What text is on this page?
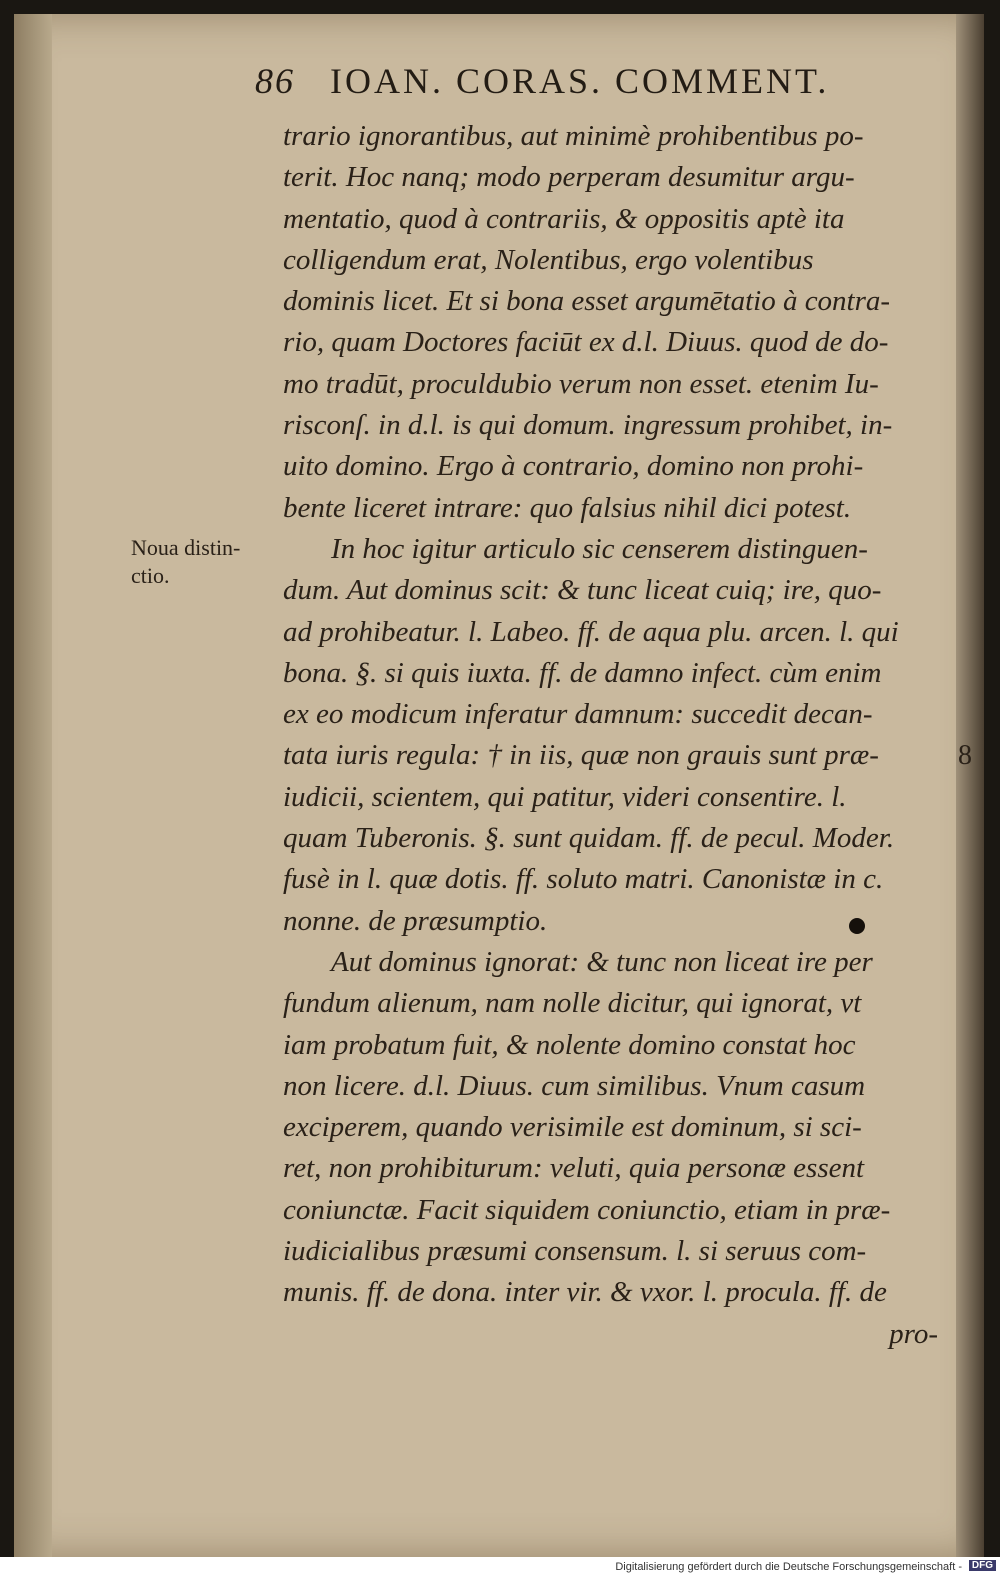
86 IOAN. CORAS. COMMENT.
Noua distin-
ctio.
8
trario ignorantibus, aut minimè prohibentibus po-
terit. Hoc nanq; modo perperam desumitur argu-
mentatio, quod à contrariis, & oppositis aptè ita
colligendum erat, Nolentibus, ergo volentibus
dominis licet. Et si bona esset argumētatio à contra-
rio, quam Doctores faciūt ex d.l. Diuus. quod de do-
mo tradūt, proculdubio verum non esset. etenim Iu-
risconſ. in d.l. is qui domum. ingressum prohibet, in-
uito domino. Ergo à contrario, domino non prohi-
bente liceret intrare: quo falsius nihil dici potest.
In hoc igitur articulo sic censerem distinguen-
dum. Aut dominus scit: & tunc liceat cuiq; ire, quo-
ad prohibeatur. l. Labeo. ff. de aqua plu. arcen. l. qui
bona. §. si quis iuxta. ff. de damno infect. cùm enim
ex eo modicum inferatur damnum: succedit decan-
tata iuris regula: † in iis, quæ non grauis sunt præ-
iudicii, scientem, qui patitur, videri consentire. l.
quam Tuberonis. §. sunt quidam. ff. de pecul. Moder.
fusè in l. quæ dotis. ff. soluto matri. Canonistæ in c.
nonne. de præsumptio.
Aut dominus ignorat: & tunc non liceat ire per
fundum alienum, nam nolle dicitur, qui ignorat, vt
iam probatum fuit, & nolente domino constat hoc
non licere. d.l. Diuus. cum similibus. Vnum casum
exciperem, quando verisimile est dominum, si sci-
ret, non prohibiturum: veluti, quia personæ essent
coniunctæ. Facit siquidem coniunctio, etiam in præ-
iudicialibus præsumi consensum. l. si seruus com-
munis. ff. de dona. inter vir. & vxor. l. procula. ff. de
pro-
Digitalisierung gefördert durch die Deutsche Forschungsgemeinschaft - DFG
